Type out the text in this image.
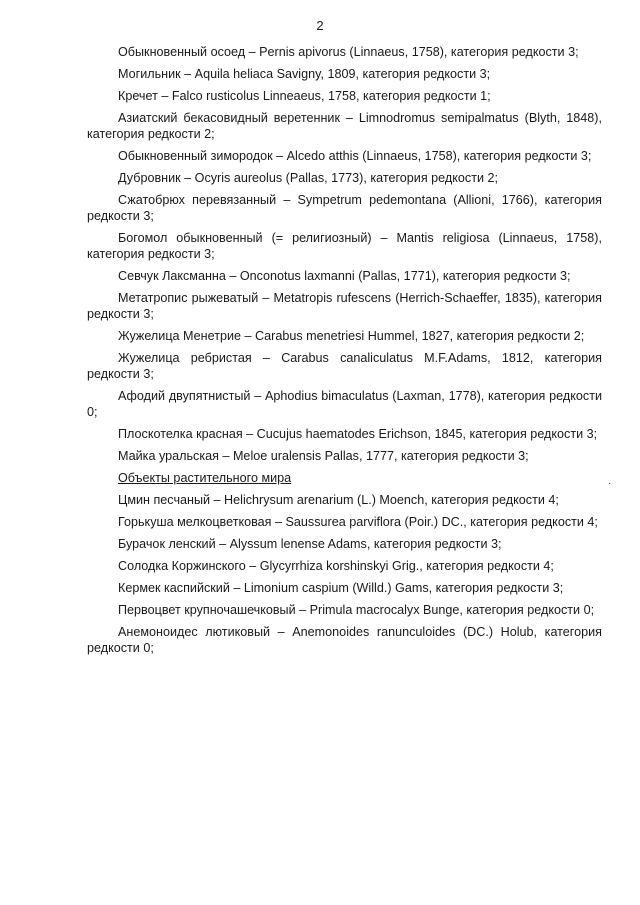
2

Обыкновенный осоед – Pernis apivorus (Linnaeus, 1758), категория редкости 3;

Могильник – Aquila heliaca Savigny, 1809, категория редкости 3;

Кречет – Falco rusticolus Linneaeus, 1758, категория редкости 1;

Азиатский бекасовидный веретенник – Limnodromus semipalmatus (Blyth, 1848), категория редкости 2;

Обыкновенный зимородок – Alcedo atthis (Linnaeus, 1758), категория редкости 3;

Дубровник – Ocyris aureolus (Pallas, 1773), категория редкости 2;

Сжатобрюх перевязанный – Sympetrum pedemontana (Allioni, 1766), категория редкости 3;

Богомол обыкновенный (= религиозный) – Mantis religiosa (Linnaeus, 1758), категория редкости 3;

Севчук Лаксманна – Onconotus laxmanni (Pallas, 1771), категория редкости 3;

Метатропис рыжеватый – Metatropis rufescens (Herrich-Schaeffer, 1835), категория редкости 3;

Жужелица Менетрие – Carabus menetriesi Hummel, 1827, категория редкости 2;

Жужелица ребристая – Carabus canaliculatus M.F.Adams, 1812, категория редкости 3;

Афодий двупятнистый – Aphodius bimaculatus (Laxman, 1778), категория редкости 0;

Плоскотелка красная – Cucujus haematodes Erichson, 1845, категория редкости 3;

Майка уральская – Meloe uralensis Pallas, 1777, категория редкости 3;

Объекты растительного мира

Цмин песчаный – Helichrysum arenarium (L.) Moench, категория редкости 4;

Горькуша мелкоцветковая – Saussurea parviflora (Poir.) DC., категория редкости 4;

Бурачок ленский – Alyssum lenense Adams, категория редкости 3;

Солодка Коржинского – Glycyrrhiza korshinskyi Grig., категория редкости 4;

Кермек каспийский – Limonium caspium (Willd.) Gams, категория редкости 3;

Первоцвет крупночашечковый – Primula macrocalyx Bunge, категория редкости 0;

Анемоноидес лютиковый – Anemonoides ranunculoides (DC.) Holub, категория редкости 0;

·
